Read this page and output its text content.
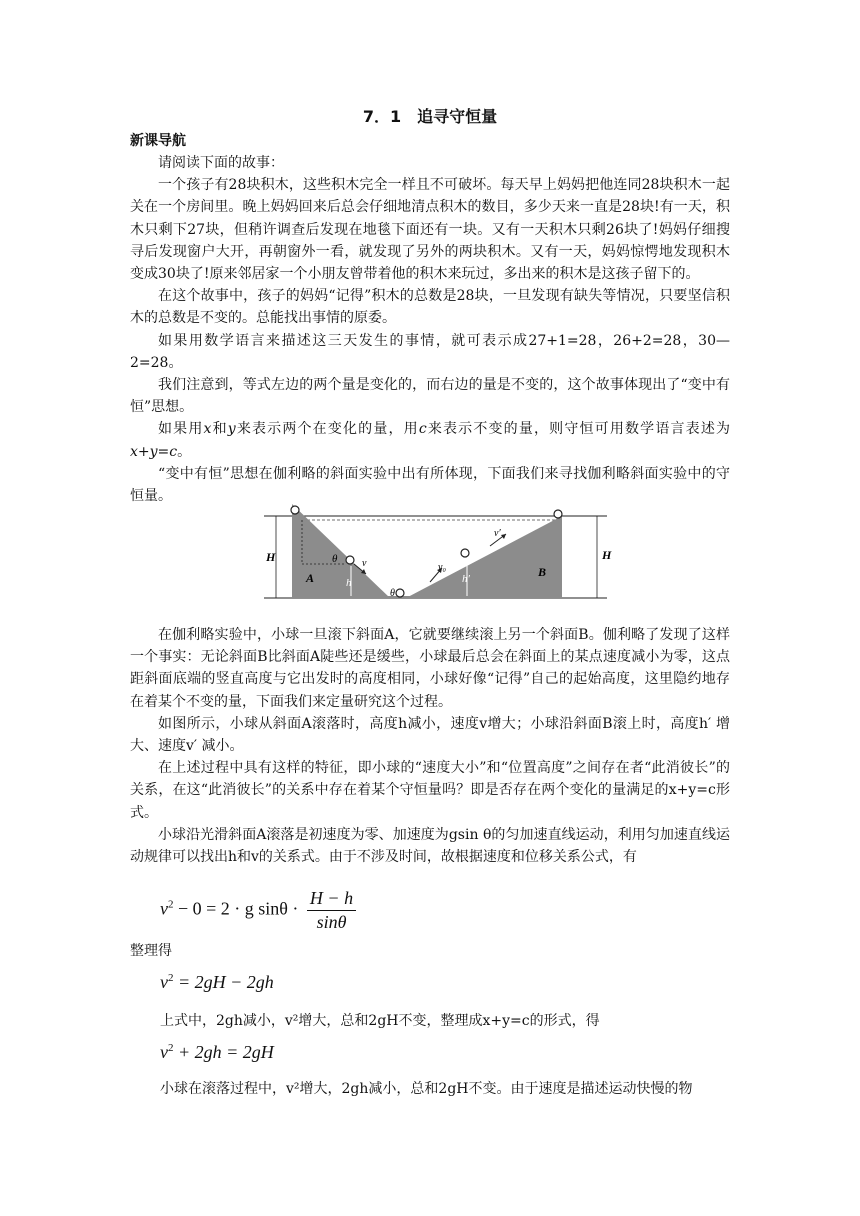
7．1　追寻守恒量
新课导航

请阅读下面的故事：

一个孩子有28块积木，这些积木完全一样且不可破坏。每天早上妈妈把他连同28块积木一起关在一个房间里。晚上妈妈回来后总会仔细地清点积木的数目，多少天来一直是28块!有一天，积木只剩下27块，但稍许调查后发现在地毯下面还有一块。又有一天积木只剩26块了!妈妈仔细搜寻后发现窗户大开，再朝窗外一看，就发现了另外的两块积木。又有一天，妈妈惊愕地发现积木变成30块了!原来邻居家一个小朋友曾带着他的积木来玩过，多出来的积木是这孩子留下的。

在这个故事中，孩子的妈妈“记得”积木的总数是28块，一旦发现有缺失等情况，只要坚信积木的总数是不变的。总能找出事情的原委。

如果用数学语言来描述这三天发生的事情，就可表示成27+1=28，26+2=28，30—2=28。

我们注意到，等式左边的两个量是变化的，而右边的量是不变的，这个故事体现出了“变中有恒”思想。

如果用x和y来表示两个在变化的量，用c来表示不变的量，则守恒可用数学语言表述为x+y=c。

“变中有恒”思想在伽利略的斜面实验中出有所体现，下面我们来寻找伽利略斜面实验中的守恒量。

H	H
θ
θ
A	B
h	h′
v	v₀
v′

在伽利略实验中，小球一旦滚下斜面A，它就要继续滚上另一个斜面B。伽利略了发现了这样一个事实：无论斜面B比斜面A陡些还是缓些，小球最后总会在斜面上的某点速度减小为零，这点距斜面底端的竖直高度与它出发时的高度相同，小球好像“记得”自己的起始高度，这里隐约地存在着某个不变的量，下面我们来定量研究这个过程。

如图所示，小球从斜面A滚落时，高度h减小，速度v增大；小球沿斜面B滚上时，高度h′ 增大、速度v′ 减小。

在上述过程中具有这样的特征，即小球的“速度大小”和“位置高度”之间存在者“此消彼长”的关系，在这“此消彼长”的关系中存在着某个守恒量吗？即是否存在两个变化的量满足的x+y=c形式。

小球沿光滑斜面A滚落是初速度为零、加速度为gsin θ的匀加速直线运动，利用匀加速直线运动规律可以找出h和v的关系式。由于不涉及时间，故根据速度和位移关系公式，有

$v^2 - 0 = 2 \cdot g$ $\sin\theta \cdot \frac{H - h}{\sin\theta}$
整理得
$v^2 = 2gH - 2gh$
上式中，2gh减小，v²增大，总和2gH不变，整理成x+y=c的形式，得
$v^2 + 2gh = 2gH$
小球在滚落过程中，v²增大，2gh减小，总和2gH不变。由于速度是描述运动快慢的物
